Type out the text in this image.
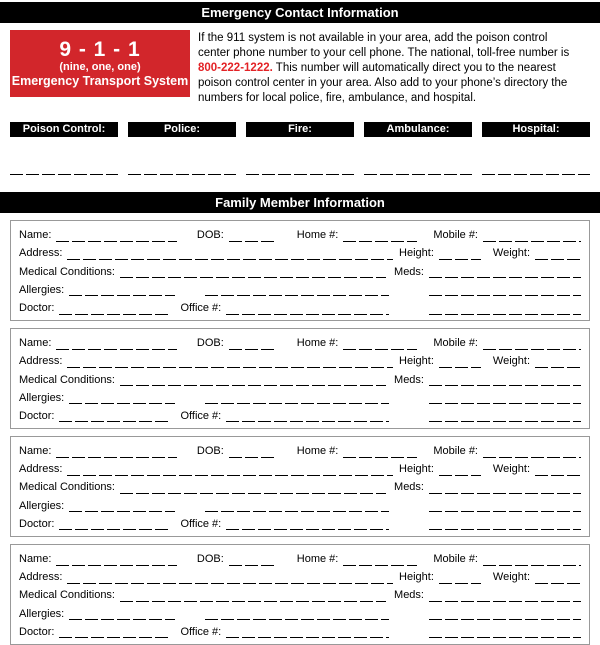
Emergency Contact Information
9 - 1 - 1
(nine, one, one)
Emergency Transport System

If the 911 system is not available in your area, add the poison control center phone number to your cell phone. The national, toll-free number is 800-222-1222. This number will automatically direct you to the nearest poison control center in your area. Also add to your phone’s directory the numbers for local police, fire, ambulance, and hospital.

Poison Control:	Police:	Fire:	Ambulance:	Hospital:
Family Member Information
Name:	DOB:	Home #:	Mobile #:
Address:	Height:	Weight:
Medical Conditions:	Meds:
Allergies:
Doctor:	Office #:
Name:	DOB:	Home #:	Mobile #:
Address:	Height:	Weight:
Medical Conditions:	Meds:
Allergies:
Doctor:	Office #:
Name:	DOB:	Home #:	Mobile #:
Address:	Height:	Weight:
Medical Conditions:	Meds:
Allergies:
Doctor:	Office #:
Name:	DOB:	Home #:	Mobile #:
Address:	Height:	Weight:
Medical Conditions:	Meds:
Allergies:
Doctor:	Office #:
